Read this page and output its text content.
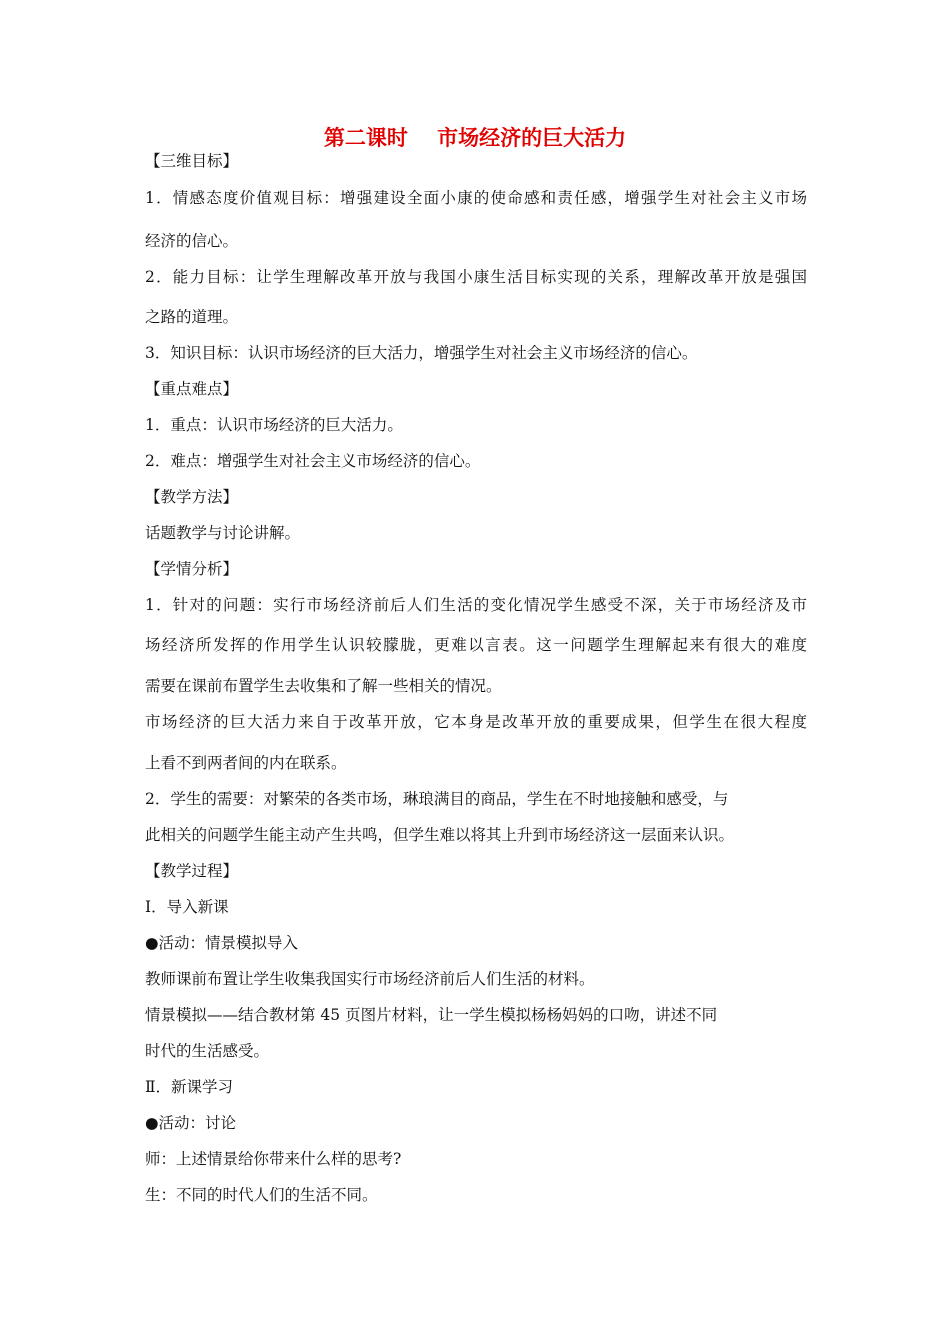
第二课时    市场经济的巨大活力
【三维目标】
1．情感态度价值观目标：增强建设全面小康的使命感和责任感，增强学生对社会主义市场
经济的信心。
2．能力目标：让学生理解改革开放与我国小康生活目标实现的关系，理解改革开放是强国
之路的道理。
3．知识目标：认识市场经济的巨大活力，增强学生对社会主义市场经济的信心。
【重点难点】
1．重点：认识市场经济的巨大活力。
2．难点：增强学生对社会主义市场经济的信心。
【教学方法】
话题教学与讨论讲解。
【学情分析】
1．针对的问题：实行市场经济前后人们生活的变化情况学生感受不深，关于市场经济及市
场经济所发挥的作用学生认识较朦胧，更难以言表。这一问题学生理解起来有很大的难度
需要在课前布置学生去收集和了解一些相关的情况。
市场经济的巨大活力来自于改革开放，它本身是改革开放的重要成果，但学生在很大程度
上看不到两者间的内在联系。
2．学生的需要：对繁荣的各类市场，琳琅满目的商品，学生在不时地接触和感受，与
此相关的问题学生能主动产生共鸣，但学生难以将其上升到市场经济这一层面来认识。
【教学过程】
Ⅰ．导入新课
●活动：情景模拟导入
教师课前布置让学生收集我国实行市场经济前后人们生活的材料。
情景模拟——结合教材第 45 页图片材料，让一学生模拟杨杨妈妈的口吻，讲述不同
时代的生活感受。
Ⅱ．新课学习
●活动：讨论
师：上述情景给你带来什么样的思考?
生：不同的时代人们的生活不同。
